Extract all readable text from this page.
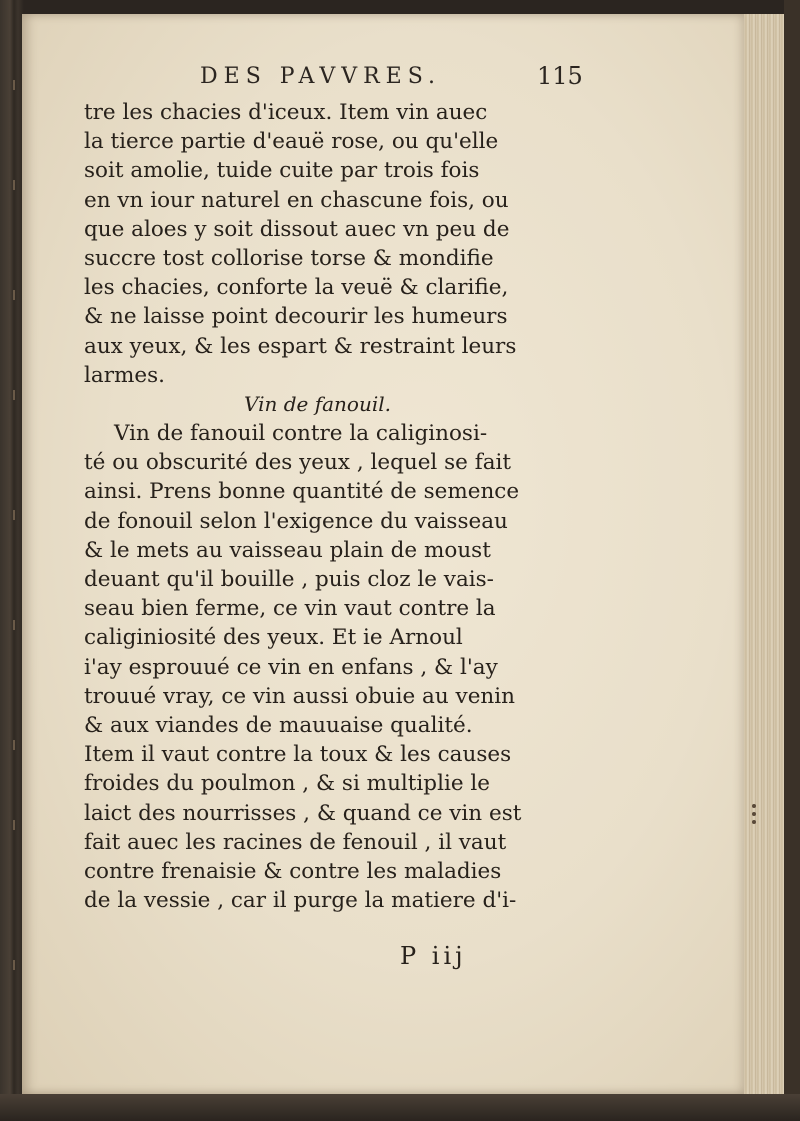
DES PAVVRES.	115
tre les chacies d'iceux. Item vin auec
la tierce partie d'eauë rose, ou qu'elle
soit amolie, tuide cuite par trois fois
en vn iour naturel en chascune fois, ou
que aloes y soit dissout auec vn peu de
succre tost collorise torse & mondifie
les chacies, conforte la veuë & clarifie,
& ne laisse point decourir les humeurs
aux yeux, & les espart & restraint leurs
larmes.
Vin de fanouil.
Vin de fanouil contre la caliginosi-
té ou obscurité des yeux , lequel se fait
ainsi. Prens bonne quantité de semence
de fonouil selon l'exigence du vaisseau
& le mets au vaisseau plain de moust
deuant qu'il bouille , puis cloz le vais-
seau bien ferme, ce vin vaut contre la
caliginiosité des yeux. Et ie Arnoul
i'ay esprouué ce vin en enfans , & l'ay
trouué vray, ce vin aussi obuie au venin
& aux viandes de mauuaise qualité.
Item il vaut contre la toux & les causes
froides du poulmon , & si multiplie le
laict des nourrisses , & quand ce vin est
fait auec les racines de fenouil , il vaut
contre frenaisie & contre les maladies
de la vessie , car il purge la matiere d'i-
P iij
